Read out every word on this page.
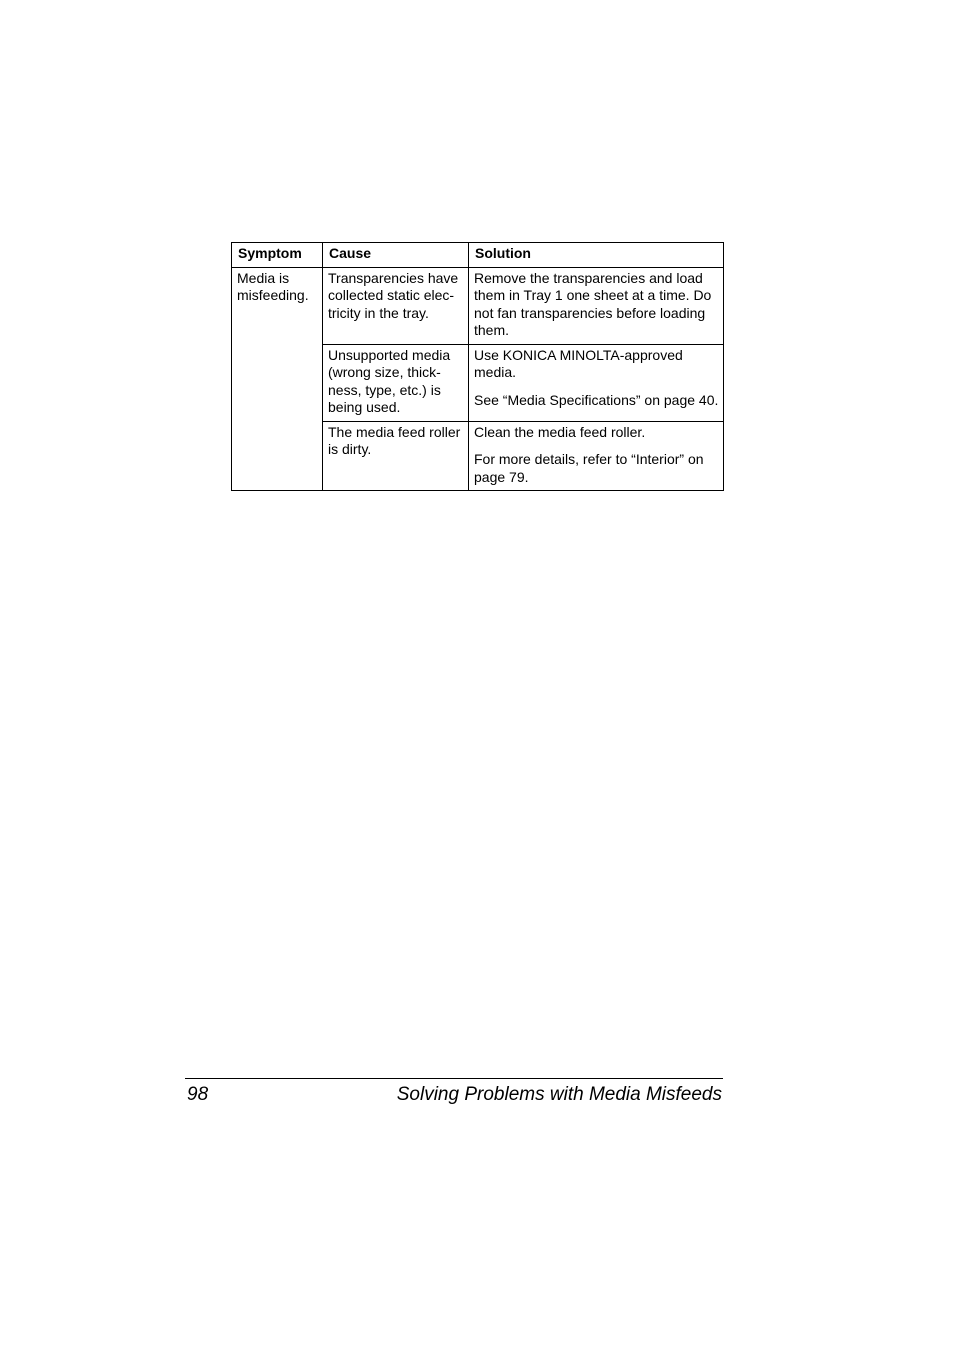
Symptom	Cause	Solution

Media is misfeeding.	Transparencies have collected static elec-tricity in the tray.	Remove the transparencies and load them in Tray 1 one sheet at a time. Do not fan transparencies before loading them.

	Unsupported media (wrong size, thick-ness, type, etc.) is being used.	Use KONICA MINOLTA-approved media.

See “Media Specifications” on page 40.

	The media feed roller is dirty.	Clean the media feed roller.

For more details, refer to “Interior” on page 79.

98	Solving Problems with Media Misfeeds
